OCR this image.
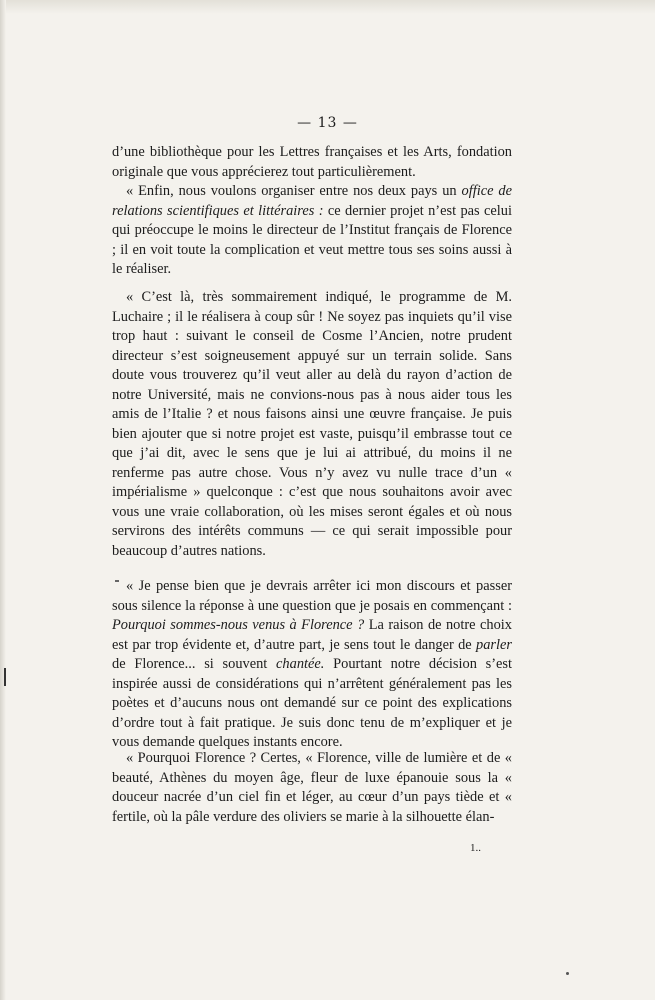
— 13 —

d’une bibliothèque pour les Lettres françaises et les Arts, fondation originale que vous apprécierez tout particulièrement.

« Enfin, nous voulons organiser entre nos deux pays un office de relations scientifiques et littéraires : ce dernier projet n’est pas celui qui préoccupe le moins le directeur de l’Institut français de Florence ; il en voit toute la complication et veut mettre tous ses soins aussi à le réaliser.

« C’est là, très sommairement indiqué, le programme de M. Luchaire ; il le réalisera à coup sûr ! Ne soyez pas inquiets qu’il vise trop haut : suivant le conseil de Cosme l’Ancien, notre prudent directeur s’est soigneusement appuyé sur un terrain solide. Sans doute vous trouverez qu’il veut aller au delà du rayon d’action de notre Université, mais ne convions-nous pas à nous aider tous les amis de l’Italie ? et nous faisons ainsi une œuvre française. Je puis bien ajouter que si notre projet est vaste, puisqu’il embrasse tout ce que j’ai dit, avec le sens que je lui ai attribué, du moins il ne renferme pas autre chose. Vous n’y avez vu nulle trace d’un « impérialisme » quelconque : c’est que nous souhaitons avoir avec vous une vraie collaboration, où les mises seront égales et où nous servirons des intérêts communs — ce qui serait impossible pour beaucoup d’autres nations.

« Je pense bien que je devrais arrêter ici mon discours et passer sous silence la réponse à une question que je posais en commençant : Pourquoi sommes-nous venus à Florence ? La raison de notre choix est par trop évidente et, d’autre part, je sens tout le danger de parler de Florence... si souvent chantée. Pourtant notre décision s’est inspirée aussi de considérations qui n’arrêtent généralement pas les poètes et d’aucuns nous ont demandé sur ce point des explications d’ordre tout à fait pratique. Je suis donc tenu de m’expliquer et je vous demande quelques instants encore.

« Pourquoi Florence ? Certes, « Florence, ville de lumière et de « beauté, Athènes du moyen âge, fleur de luxe épanouie sous la « douceur nacrée d’un ciel fin et léger, au cœur d’un pays tiède et « fertile, où la pâle verdure des oliviers se marie à la silhouette élan-

1..
